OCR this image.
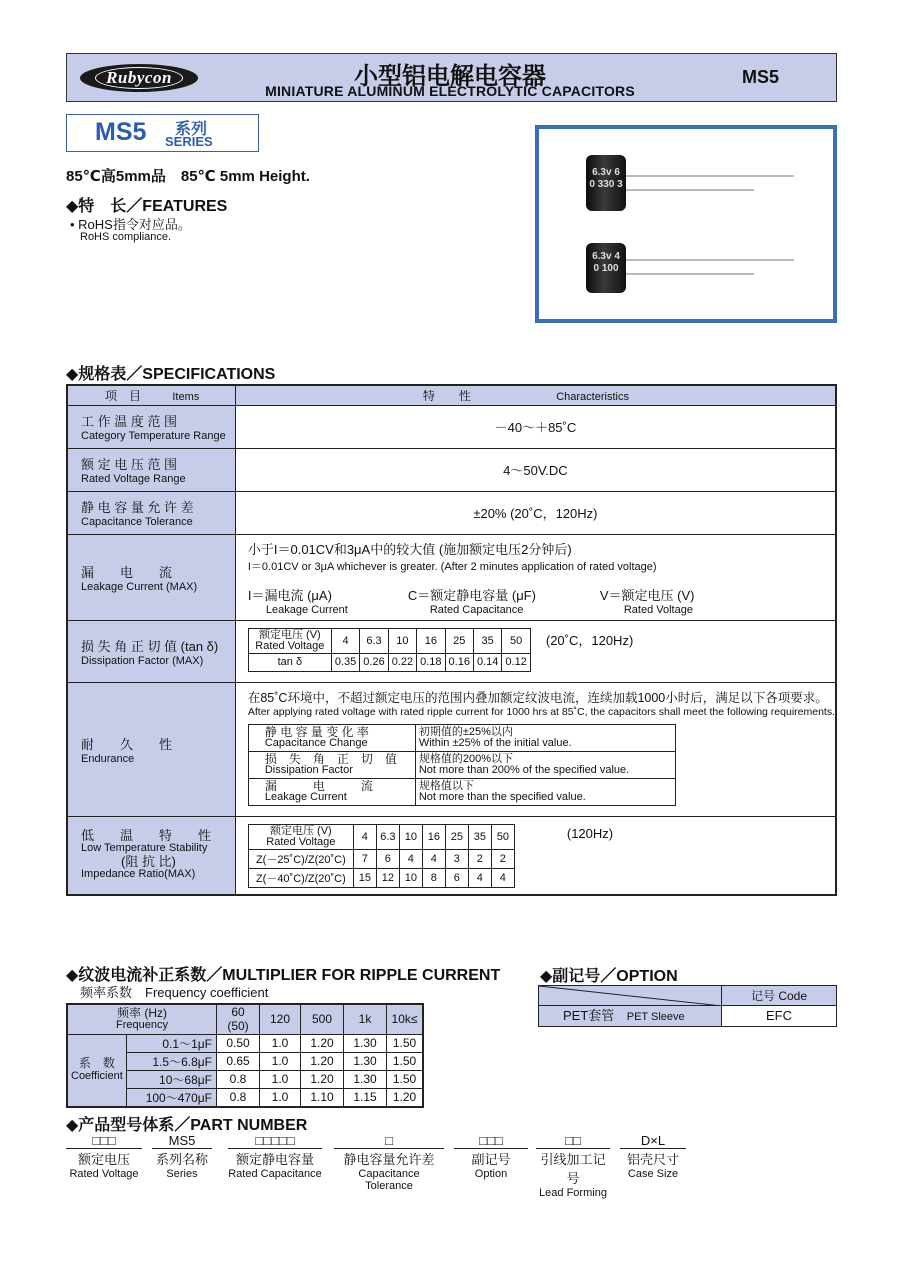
Rubycon	小型铝电解电容器
MINIATURE ALUMINUM ELECTROLYTIC CAPACITORS
MS5
MS5 系列
SERIES
85℃高5mm品　85℃ 5mm Height.
◆特　长／FEATURES
• RoHS指令对应品。
RoHS compliance.
6.3v 6
0 330 3
6.3v 4
0 100
◆规格表／SPECIFICATIONS
项　目	Items	特　　性	Characteristics

工 作 温 度 范 围
Category Temperature Range
	－40～＋85˚C

额 定 电 压 范 围
Rated Voltage Range
	4～50V.DC

静 电 容 量 允 许 差
Capacitance Tolerance
	±20% (20˚C，120Hz)

漏　　电　　流
Leakage Current (MAX)

小于I＝0.01CV和3μA中的较大值 (施加额定电压2分钟后)
I＝0.01CV or 3μA whichever is greater. (After 2 minutes application of rated voltage)
I＝漏电流 (μA)
Leakage Current
C＝额定静电容量 (μF)
Rated Capacitance
V＝额定电压 (V)
Rated Voltage

损 失 角 正 切 值 (tan δ)
Dissipation Factor (MAX)

额定电压 (V)
Rated Voltage	4	6.3	10	16	25	35	50
tan δ	0.35	0.26	0.22	0.18	0.16	0.14	0.12
(20˚C，120Hz)

耐　　久　　性
Endurance

在85˚C环境中，不超过额定电压的范围内叠加额定纹波电流，连续加载1000小时后，满足以下各项要求。
After applying rated voltage with rated ripple current for 1000 hrs at 85˚C, the capacitors shall meet the following requirements.
静 电 容 量 变 化 率
Capacitance Change

初期值的±25%以内
Within ±25% of the initial value.

损　失　角　正　切　值
Dissipation Factor

规格值的200%以下
Not more than 200% of the specified value.

漏　　　电　　　流
Leakage Current

规格值以下
Not more than the specified value.

低　　温　　特　　性
Low Temperature Stability
(阻 抗 比)
Impedance Ratio(MAX)

额定电压 (V)
Rated Voltage	4	6.3	10	16	25	35	50
Z(－25˚C)/Z(20˚C)	7	6	4	4	3	2	2
Z(－40˚C)/Z(20˚C)	15	12	10	8	6	4	4
(120Hz)
◆纹波电流补正系数／MULTIPLIER FOR RIPPLE CURRENT
频率系数　Frequency coefficient
频率 (Hz)
Frequency		60 (50)	120	500	1k	10k≤

系　数
Coefficient	0.1～1μF	0.50	1.0	1.20	1.30	1.50
	1.5～6.8μF	0.65	1.0	1.20	1.30	1.50
	10～68μF	0.8	1.0	1.20	1.30	1.50
	100～470μF	0.8	1.0	1.10	1.15	1.20
◆副记号／OPTION
记号 Code
PET套管 PET Sleeve	EFC
◆产品型号体系／PART NUMBER
□□□
额定电压
Rated Voltage
MS5
系列名称
Series
□□□□□
额定静电容量
Rated Capacitance
□
静电容量允许差
Capacitance Tolerance
□□□
副记号
Option
□□
引线加工记号
Lead Forming
D×L
铝壳尺寸
Case Size
